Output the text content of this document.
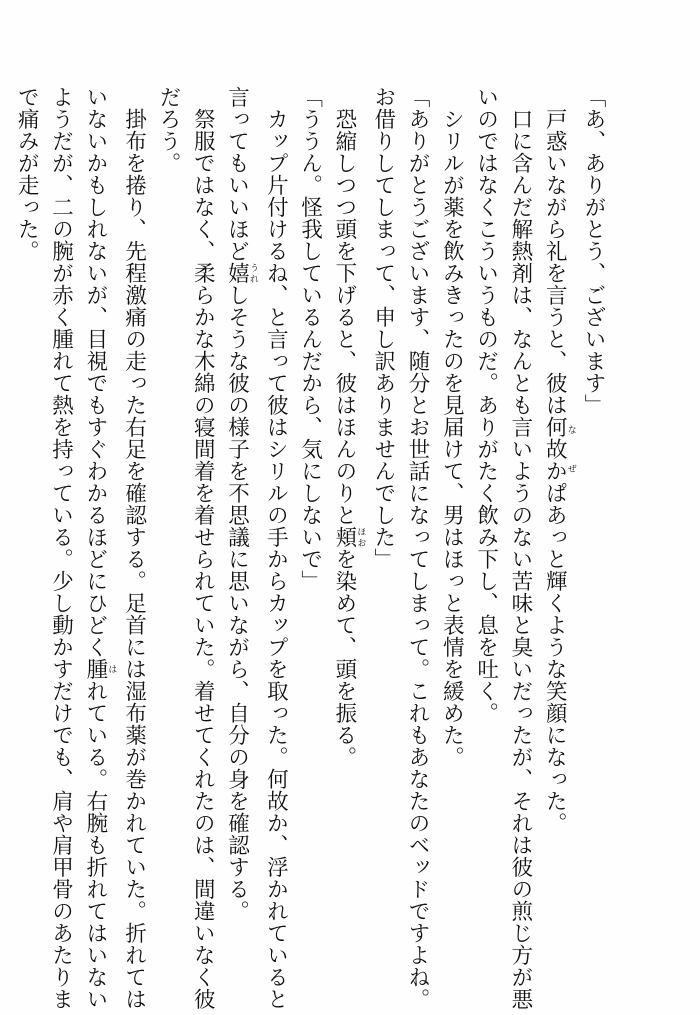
「あ、ありがとう、ございます」
　戸惑いながら礼を言うと、彼は何故かなぜぱあっと輝くような笑顔になった。
　口に含んだ解熱剤は、なんとも言いようのない苦味と臭いだったが、それは彼の煎じ方が悪
いのではなくこういうものだ。ありがたく飲み下し、息を吐く。
　シリルが薬を飲みきったのを見届けて、男はほっと表情を緩めた。
「ありがとうございます、随分とお世話になってしまって。これもあなたのベッドですよね。
お借りしてしまって、申し訳ありませんでした」
　恐縮しつつ頭を下げると、彼はほんのりと頬ほおを染めて、頭を振る。
「ううん。怪我しているんだから、気にしないで」
　カップ片付けるね、と言って彼はシリルの手からカップを取った。何故か、浮かれていると
言ってもいいほど嬉うれしそうな彼の様子を不思議に思いながら、自分の身を確認する。
　祭服ではなく、柔らかな木綿の寝間着を着せられていた。着せてくれたのは、間違いなく彼
だろう。
　掛布を捲り、先程激痛の走った右足を確認する。足首には湿布薬が巻かれていた。折れては
いないかもしれないが、目視でもすぐわかるほどにひどく腫はれている。右腕も折れてはいない
ようだが、二の腕が赤く腫れて熱を持っている。少し動かすだけでも、肩や肩甲骨のあたりま
で痛みが走った。
